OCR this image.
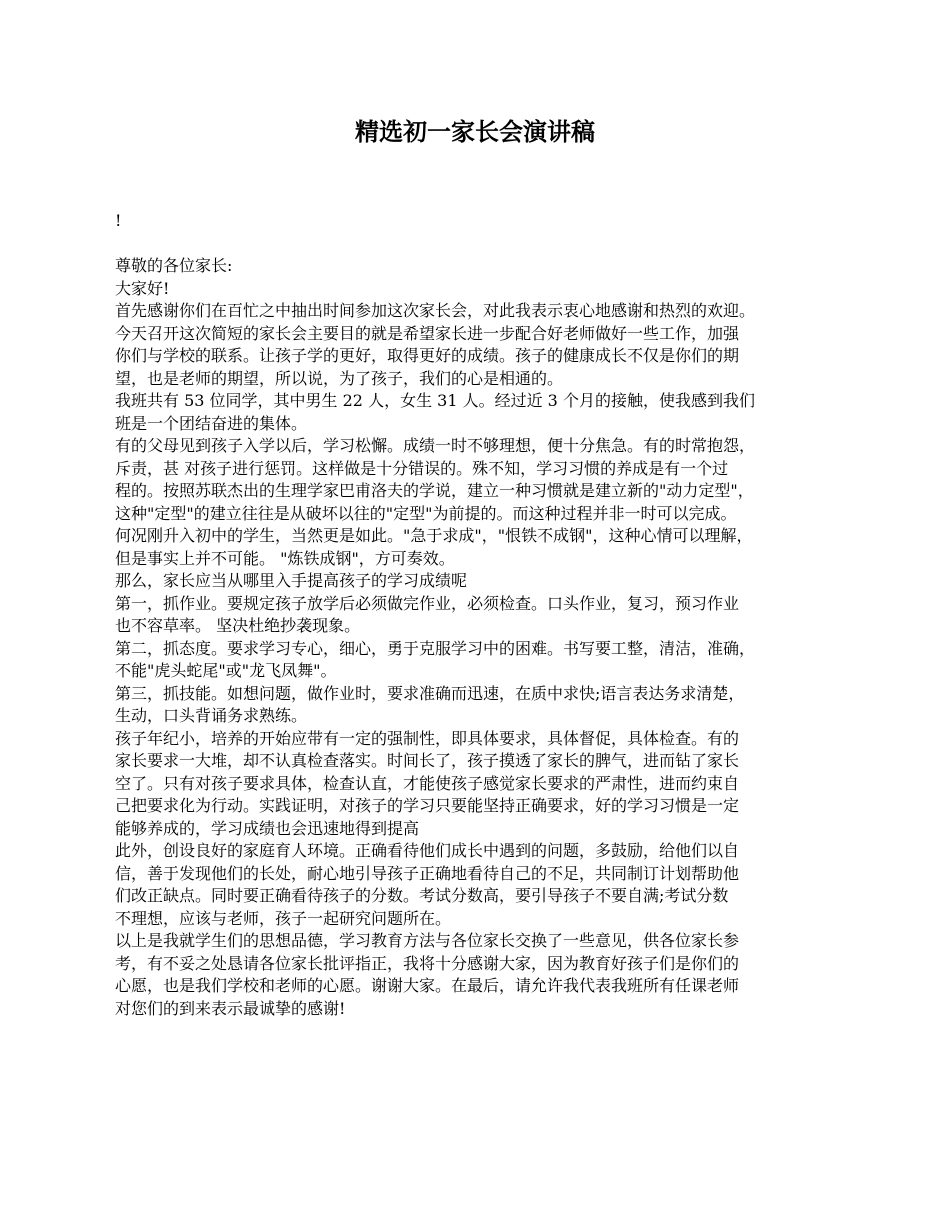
精选初一家长会演讲稿
!
尊敬的各位家长:
大家好!
首先感谢你们在百忙之中抽出时间参加这次家长会，对此我表示衷心地感谢和热烈的欢迎。
今天召开这次简短的家长会主要目的就是希望家长进一步配合好老师做好一些工作，加强
你们与学校的联系。让孩子学的更好，取得更好的成绩。孩子的健康成长不仅是你们的期
望，也是老师的期望，所以说，为了孩子，我们的心是相通的。
我班共有 53 位同学，其中男生 22 人，女生 31 人。经过近 3 个月的接触，使我感到我们
班是一个团结奋进的集体。
有的父母见到孩子入学以后，学习松懈。成绩一时不够理想，便十分焦急。有的时常抱怨，
斥责，甚 对孩子进行惩罚。这样做是十分错误的。殊不知，学习习惯的养成是有一个过
程的。按照苏联杰出的生理学家巴甫洛夫的学说，建立一种习惯就是建立新的"动力定型"，
这种"定型"的建立往往是从破坏以往的"定型"为前提的。而这种过程并非一时可以完成。
何况刚升入初中的学生，当然更是如此。"急于求成"，"恨铁不成钢"，这种心情可以理解，
但是事实上并不可能。 "炼铁成钢"，方可奏效。
那么，家长应当从哪里入手提高孩子的学习成绩呢
第一，抓作业。要规定孩子放学后必须做完作业，必须检查。口头作业，复习，预习作业
也不容草率。 坚决杜绝抄袭现象。
第二，抓态度。要求学习专心，细心，勇于克服学习中的困难。书写要工整，清洁，准确，
不能"虎头蛇尾"或"龙飞凤舞"。
第三，抓技能。如想问题，做作业时，要求准确而迅速，在质中求快;语言表达务求清楚，
生动，口头背诵务求熟练。
孩子年纪小，培养的开始应带有一定的强制性，即具体要求，具体督促，具体检查。有的
家长要求一大堆，却不认真检查落实。时间长了，孩子摸透了家长的脾气，进而钻了家长
空了。只有对孩子要求具体，检查认直，才能使孩子感觉家长要求的严肃性，进而约束自
己把要求化为行动。实践证明，对孩子的学习只要能坚持正确要求，好的学习习惯是一定
能够养成的，学习成绩也会迅速地得到提高
此外，创设良好的家庭育人环境。正确看待他们成长中遇到的问题，多鼓励，给他们以自
信，善于发现他们的长处，耐心地引导孩子正确地看待自己的不足，共同制订计划帮助他
们改正缺点。同时要正确看待孩子的分数。考试分数高，要引导孩子不要自满;考试分数
不理想，应该与老师，孩子一起研究问题所在。
以上是我就学生们的思想品德，学习教育方法与各位家长交换了一些意见，供各位家长参
考，有不妥之处恳请各位家长批评指正，我将十分感谢大家，因为教育好孩子们是你们的
心愿，也是我们学校和老师的心愿。谢谢大家。在最后，请允许我代表我班所有任课老师
对您们的到来表示最诚挚的感谢!
